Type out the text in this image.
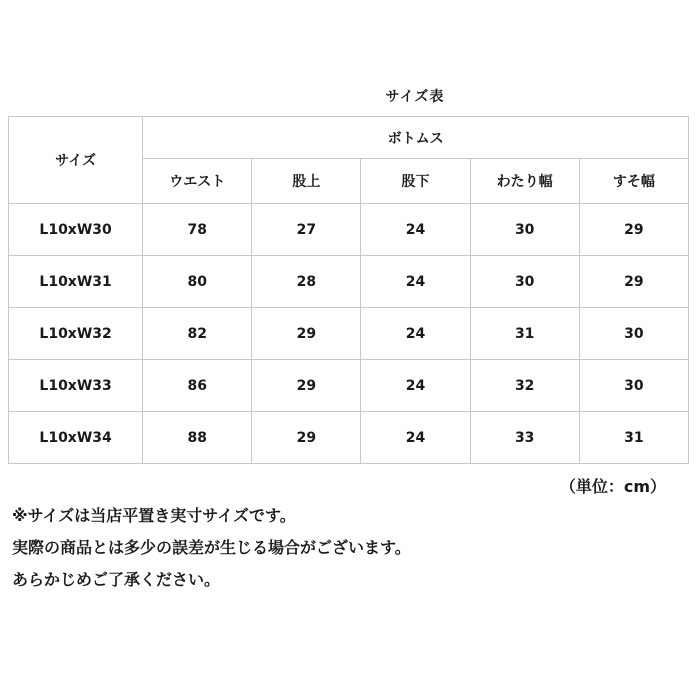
サイズ表
サイズ	ボトムス				
	ウエスト	股上	股下	わたり幅	すそ幅
L10xW30	78	27	24	30	29
L10xW31	80	28	24	30	29
L10xW32	82	29	24	31	30
L10xW33	86	29	24	32	30
L10xW34	88	29	24	33	31

（単位：cm）

※サイズは当店平置き実寸サイズです。
実際の商品とは多少の誤差が生じる場合がございます。
あらかじめご了承ください。
